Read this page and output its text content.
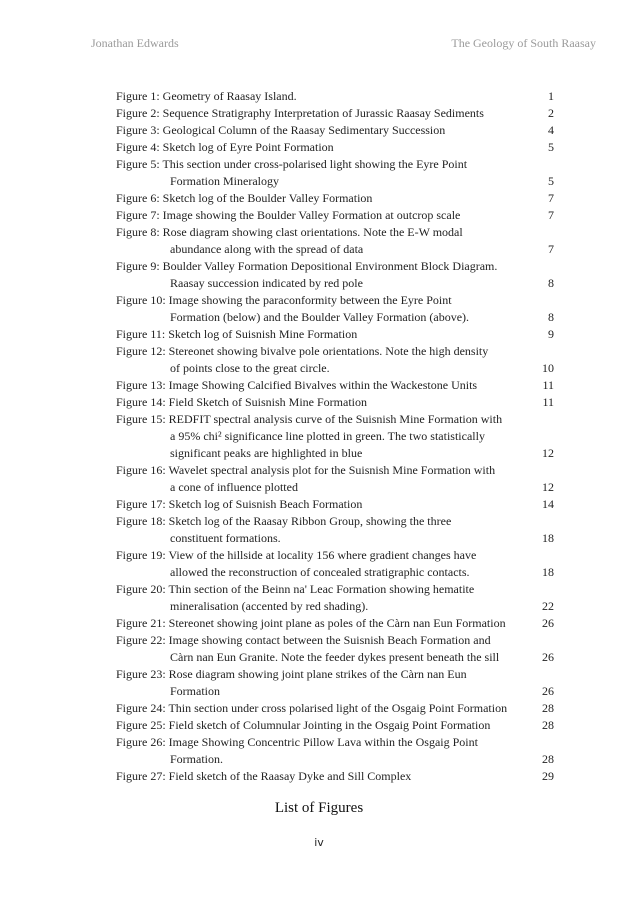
Jonathan Edwards	The Geology of South Raasay
Figure 1: Geometry of Raasay Island.	1
Figure 2: Sequence Stratigraphy Interpretation of Jurassic Raasay Sediments	2
Figure 3: Geological Column of the Raasay Sedimentary Succession	4
Figure 4: Sketch log of Eyre Point Formation	5
Figure 5: This section under cross-polarised light showing the Eyre Point
Formation Mineralogy	5
Figure 6: Sketch log of the Boulder Valley Formation	7
Figure 7: Image showing the Boulder Valley Formation at outcrop scale	7
Figure 8: Rose diagram showing clast orientations. Note the E-W modal
abundance along with the spread of data	7
Figure 9: Boulder Valley Formation Depositional Environment Block Diagram.
Raasay succession indicated by red pole	8
Figure 10: Image showing the paraconformity between the Eyre Point
Formation (below) and the Boulder Valley Formation (above).	8
Figure 11: Sketch log of Suisnish Mine Formation	9
Figure 12: Stereonet showing bivalve pole orientations. Note the high density
of points close to the great circle.	10
Figure 13: Image Showing Calcified Bivalves within the Wackestone Units	11
Figure 14: Field Sketch of Suisnish Mine Formation	11
Figure 15: REDFIT spectral analysis curve of the Suisnish Mine Formation with
a 95% chi² significance line plotted in green. The two statistically
significant peaks are highlighted in blue	12
Figure 16: Wavelet spectral analysis plot for the Suisnish Mine Formation with
a cone of influence plotted	12
Figure 17: Sketch log of Suisnish Beach Formation	14
Figure 18: Sketch log of the Raasay Ribbon Group, showing the three
constituent formations.	18
Figure 19: View of the hillside at locality 156 where gradient changes have
allowed the reconstruction of concealed stratigraphic contacts.	18
Figure 20: Thin section of the Beinn na' Leac Formation showing hematite
mineralisation (accented by red shading).	22
Figure 21: Stereonet showing joint plane as poles of the Càrn nan Eun Formation	26
Figure 22: Image showing contact between the Suisnish Beach Formation and
Càrn nan Eun Granite. Note the feeder dykes present beneath the sill	26
Figure 23: Rose diagram showing joint plane strikes of the Càrn nan Eun
Formation	26
Figure 24: Thin section under cross polarised light of the Osgaig Point Formation	28
Figure 25: Field sketch of Columnular Jointing in the Osgaig Point Formation	28
Figure 26: Image Showing Concentric Pillow Lava within the Osgaig Point
Formation.	28
Figure 27: Field sketch of the Raasay Dyke and Sill Complex	29
List of Figures
iv
